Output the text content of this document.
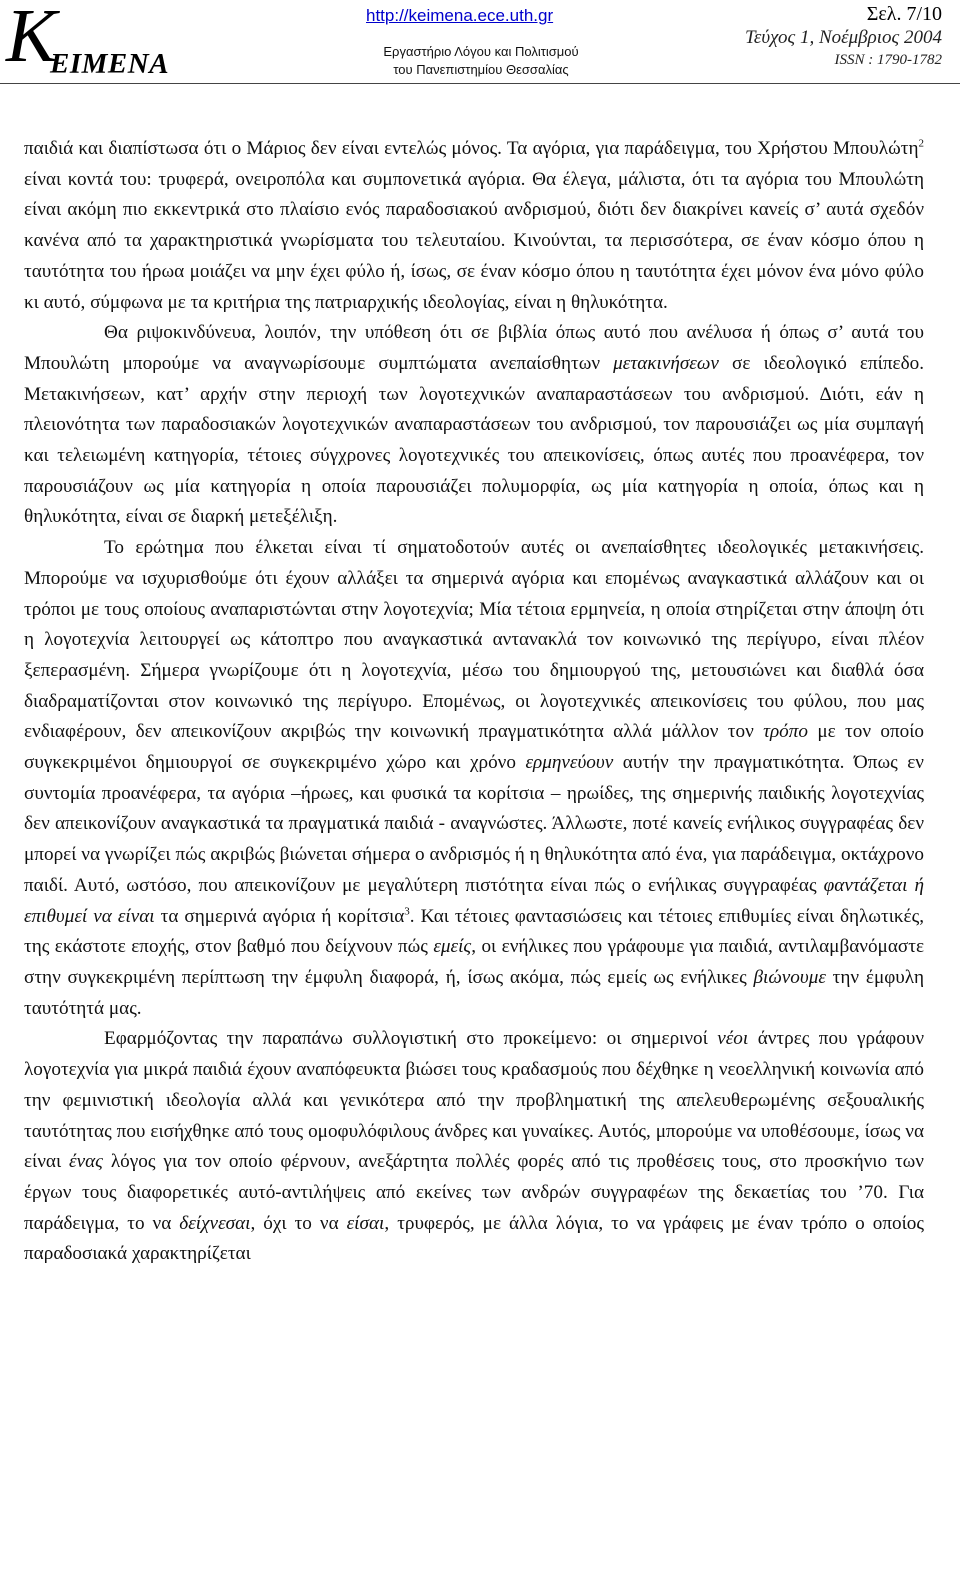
K
ΕΙΜΕΝΑ
http://keimena.ece.uth.gr
Εργαστήριο Λόγου και Πολιτισμού
του Πανεπιστημίου Θεσσαλίας
Σελ. 7/10
Τεύχος 1, Νοέμβριος 2004
ISSN : 1790-1782

παιδιά και διαπίστωσα ότι ο Μάριος δεν είναι εντελώς μόνος. Τα αγόρια, για παράδειγμα, του Χρήστου Μπουλώτη$^2$ είναι κοντά του: τρυφερά, ονειροπόλα και συμπονετικά αγόρια. Θα έλεγα, μάλιστα, ότι τα αγόρια του Μπουλώτη είναι ακόμη πιο εκκεντρικά στο πλαίσιο ενός παραδοσιακού ανδρισμού, διότι δεν διακρίνει κανείς σ’ αυτά σχεδόν κανένα από τα χαρακτηριστικά γνωρίσματα του τελευταίου. Κινούνται, τα περισσότερα, σε έναν κόσμο όπου η ταυτότητα του ήρωα μοιάζει να μην έχει φύλο ή, ίσως, σε έναν κόσμο όπου η ταυτότητα έχει μόνον ένα μόνο φύλο κι αυτό, σύμφωνα με τα κριτήρια της πατριαρχικής ιδεολογίας, είναι η θηλυκότητα.

Θα ριψοκινδύνευα, λοιπόν, την υπόθεση ότι σε βιβλία όπως αυτό που ανέλυσα ή όπως σ’ αυτά του Μπουλώτη μπορούμε να αναγνωρίσουμε συμπτώματα ανεπαίσθητων μετακινήσεων σε ιδεολογικό επίπεδο. Μετακινήσεων, κατ’ αρχήν στην περιοχή των λογοτεχνικών αναπαραστάσεων του ανδρισμού. Διότι, εάν η πλειονότητα των παραδοσιακών λογοτεχνικών αναπαραστάσεων του ανδρισμού, τον παρουσιάζει ως μία συμπαγή και τελειωμένη κατηγορία, τέτοιες σύγχρονες λογοτεχνικές του απεικονίσεις, όπως αυτές που προανέφερα, τον παρουσιάζουν ως μία κατηγορία η οποία παρουσιάζει πολυμορφία, ως μία κατηγορία η οποία, όπως και η θηλυκότητα, είναι σε διαρκή μετεξέλιξη.

Το ερώτημα που έλκεται είναι τί σηματοδοτούν αυτές οι ανεπαίσθητες ιδεολογικές μετακινήσεις. Μπορούμε να ισχυρισθούμε ότι έχουν αλλάξει τα σημερινά αγόρια και επομένως αναγκαστικά αλλάζουν και οι τρόποι με τους οποίους αναπαριστώνται στην λογοτεχνία; Μία τέτοια ερμηνεία, η οποία στηρίζεται στην άποψη ότι η λογοτεχνία λειτουργεί ως κάτοπτρο που αναγκαστικά αντανακλά τον κοινωνικό της περίγυρο, είναι πλέον ξεπερασμένη. Σήμερα γνωρίζουμε ότι η λογοτεχνία, μέσω του δημιουργού της, μετουσιώνει και διαθλά όσα διαδραματίζονται στον κοινωνικό της περίγυρο. Επομένως, οι λογοτεχνικές απεικονίσεις του φύλου, που μας ενδιαφέρουν, δεν απεικονίζουν ακριβώς την κοινωνική πραγματικότητα αλλά μάλλον τον τρόπο με τον οποίο συγκεκριμένοι δημιουργοί σε συγκεκριμένο χώρο και χρόνο ερμηνεύουν αυτήν την πραγματικότητα. Όπως εν συντομία προανέφερα, τα αγόρια –ήρωες, και φυσικά τα κορίτσια – ηρωίδες, της σημερινής παιδικής λογοτεχνίας δεν απεικονίζουν αναγκαστικά τα πραγματικά παιδιά - αναγνώστες. Άλλωστε, ποτέ κανείς ενήλικος συγγραφέας δεν μπορεί να γνωρίζει πώς ακριβώς βιώνεται σήμερα ο ανδρισμός ή η θηλυκότητα από ένα, για παράδειγμα, οκτάχρονο παιδί. Αυτό, ωστόσο, που απεικονίζουν με μεγαλύτερη πιστότητα είναι πώς ο ενήλικας συγγραφέας φαντάζεται ή επιθυμεί να είναι τα σημερινά αγόρια ή κορίτσια$^3$. Και τέτοιες φαντασιώσεις και τέτοιες επιθυμίες είναι δηλωτικές, της εκάστοτε εποχής, στον βαθμό που δείχνουν πώς εμείς, οι ενήλικες που γράφουμε για παιδιά, αντιλαμβανόμαστε στην συγκεκριμένη περίπτωση την έμφυλη διαφορά, ή, ίσως ακόμα, πώς εμείς ως ενήλικες βιώνουμε την έμφυλη ταυτότητά μας.

Εφαρμόζοντας την παραπάνω συλλογιστική στο προκείμενο: οι σημερινοί νέοι άντρες που γράφουν λογοτεχνία για μικρά παιδιά έχουν αναπόφευκτα βιώσει τους κραδασμούς που δέχθηκε η νεοελληνική κοινωνία από την φεμινιστική ιδεολογία αλλά και γενικότερα από την προβληματική της απελευθερωμένης σεξουαλικής ταυτότητας που εισήχθηκε από τους ομοφυλόφιλους άνδρες και γυναίκες. Αυτός, μπορούμε να υποθέσουμε, ίσως να είναι ένας λόγος για τον οποίο φέρνουν, ανεξάρτητα πολλές φορές από τις προθέσεις τους, στο προσκήνιο των έργων τους διαφορετικές αυτό-αντιλήψεις από εκείνες των ανδρών συγγραφέων της δεκαετίας του ’70. Για παράδειγμα, το να δείχνεσαι, όχι το να είσαι, τρυφερός, με άλλα λόγια, το να γράφεις με έναν τρόπο ο οποίος παραδοσιακά χαρακτηρίζεται
